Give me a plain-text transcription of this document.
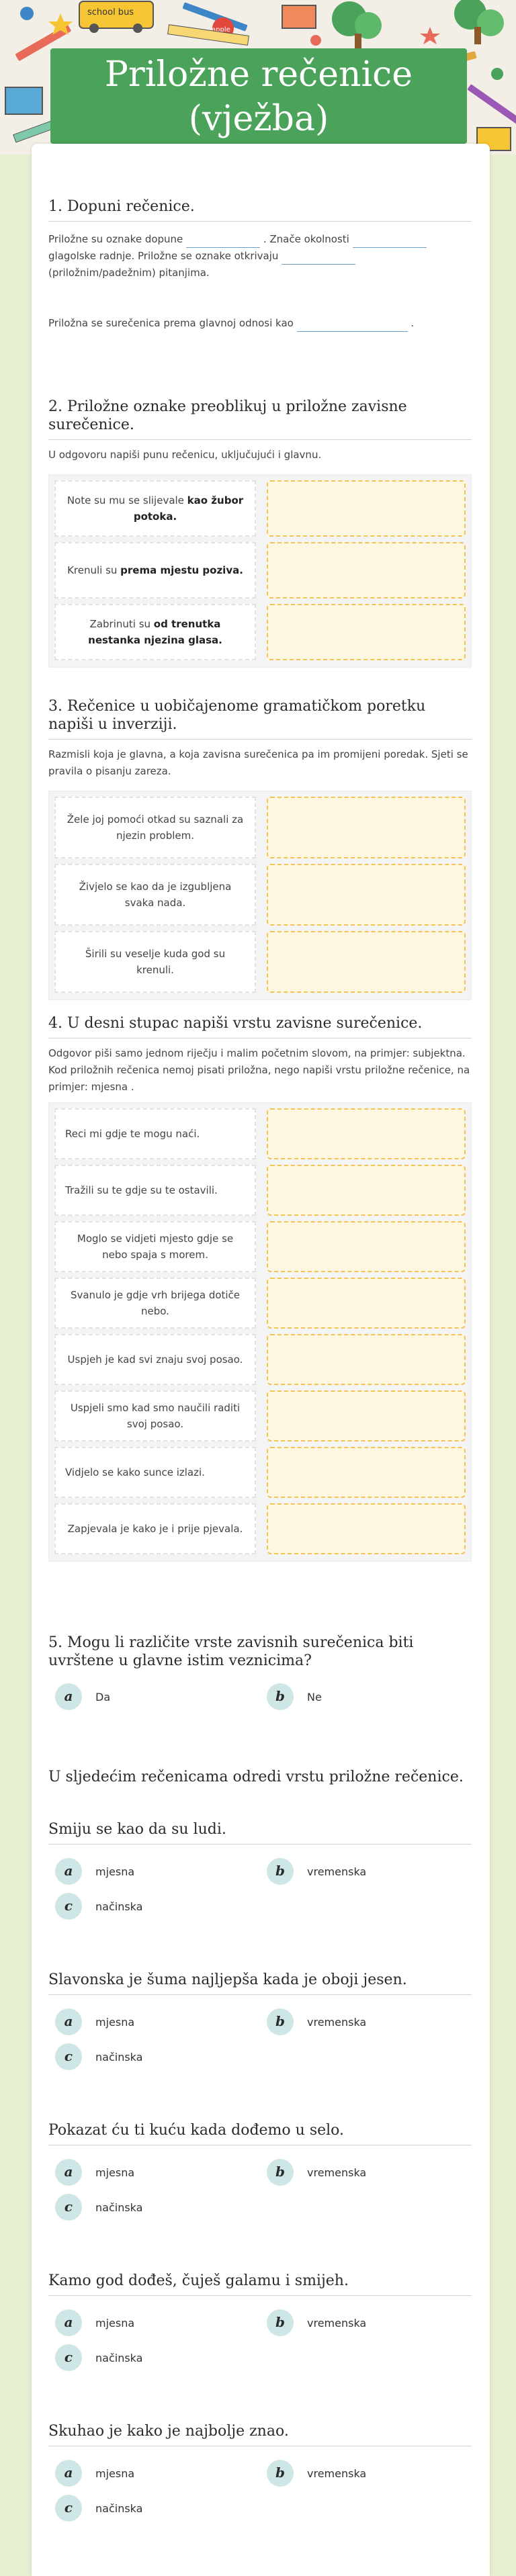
school bus
apple
Priložne rečenice (vježba)
1. Dopuni rečenice.
Priložne su oznake dopune	. Značе okolnosti
glagolske radnje. Priložne se oznake otkrivaju
(priložnim/padežnim) pitanjima.
Priložna se surečenica prema glavnoj odnosi kao	.
2. Priložne oznake preoblikuj u priložne zavisne surečenice.
U odgovoru napiši punu rečenicu, uključujući i glavnu.
Note su mu se slijevale kao žubor potoka.
Krenuli su prema mjestu poziva.
Zabrinuti su od trenutka nestanka njezina glasa.
3. Rečenice u uobičajenome gramatičkom poretku napiši u inverziji.
Razmisli koja je glavna, a koja zavisna surečenica pa im promijeni poredak. Sjeti se pravila o pisanju zareza.
Žele joj pomoći otkad su saznali za njezin problem.
Živjelo se kao da je izgubljena svaka nada.
Širili su veselje kuda god su krenuli.
4. U desni stupac napiši vrstu zavisne surečenice.
Odgovor piši samo jednom riječju i malim početnim slovom, na primjer: subjektna. Kod priložnih rečenica nemoj pisati priložna, nego napiši vrstu priložne rečenice, na primjer: mjesna .
Reci mi gdje te mogu naći.
Tražili su te gdje su te ostavili.
Moglo se vidjeti mjesto gdje se nebo spaja s morem.
Svanulo je gdje vrh brijega dotiče nebo.
Uspjeh je kad svi znaju svoj posao.
Uspjeli smo kad smo naučili raditi svoj posao.
Vidjelo se kako sunce izlazi.
Zapjevala je kako je i prije pjevala.
5. Mogu li različite vrste zavisnih surečenica biti uvrštene u glavne istim veznicima?
a	Da	b	Ne
U sljedećim rečenicama odredi vrstu priložne rečenice.
Smiju se kao da su ludi.
a	mjesna	b	vremenska
c	načinska
Slavonska je šuma najljepša kada je oboji jesen.
a	mjesna	b	vremenska
c	načinska
Pokazat ću ti kuću kada dođemo u selo.
a	mjesna	b	vremenska
c	načinska
Kamo god dođeš, čuješ galamu i smijeh.
a	mjesna	b	vremenska
c	načinska
Skuhao je kako je najbolje znao.
a	mjesna	b	vremenska
c	načinska
